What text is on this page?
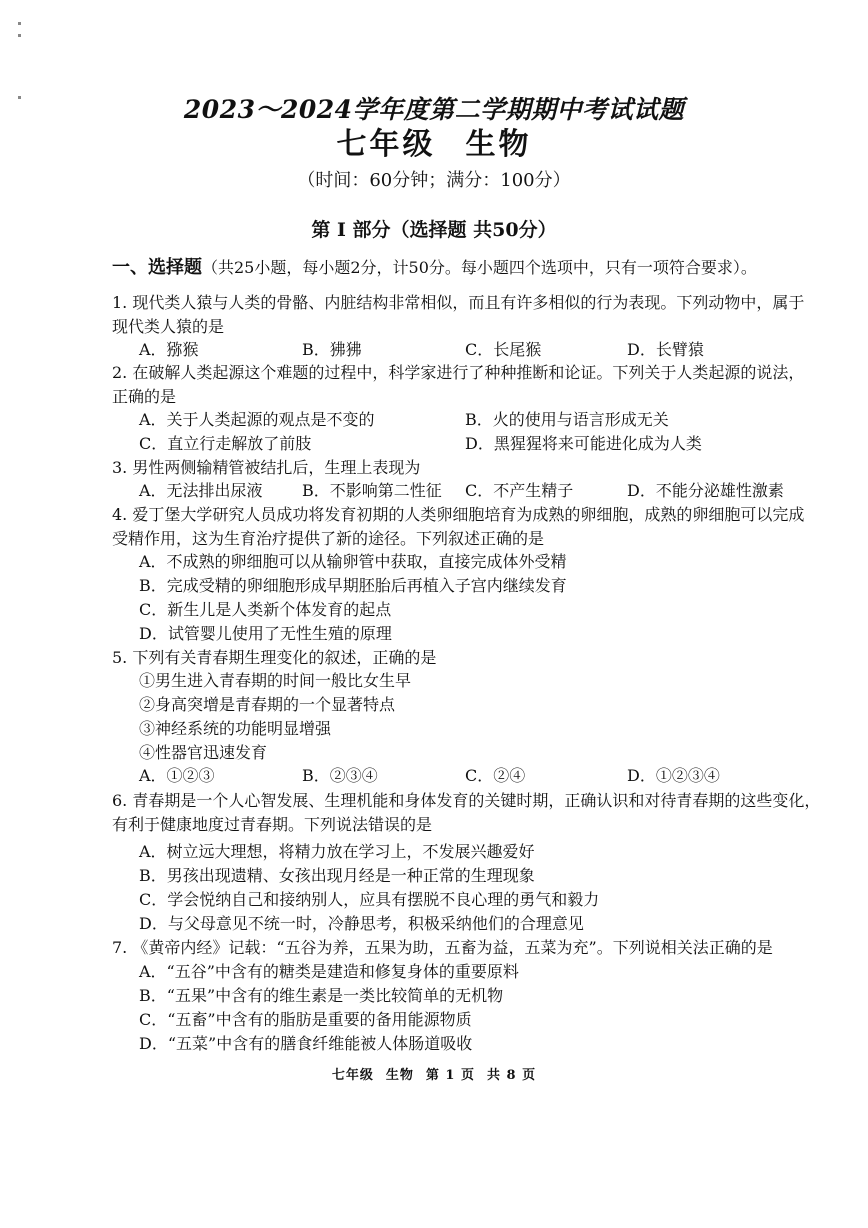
2023～2024学年度第二学期期中考试试题
七年级 生物
（时间：60分钟；满分：100分）
第 I 部分（选择题 共50分）
一、选择题（共25小题，每小题2分，计50分。每小题四个选项中，只有一项符合要求）。
1. 现代类人猿与人类的骨骼、内脏结构非常相似，而且有许多相似的行为表现。下列动物中，属于
现代类人猿的是
A．猕猴	B．狒狒	C．长尾猴	D．长臂猿
2. 在破解人类起源这个难题的过程中，科学家进行了种种推断和论证。下列关于人类起源的说法，
正确的是
A．关于人类起源的观点是不变的	B．火的使用与语言形成无关
C．直立行走解放了前肢	D．黑猩猩将来可能进化成为人类
3. 男性两侧输精管被结扎后，生理上表现为
A．无法排出尿液 B．不影响第二性征 C．不产生精子	D．不能分泌雄性激素
4. 爱丁堡大学研究人员成功将发育初期的人类卵细胞培育为成熟的卵细胞，成熟的卵细胞可以完成
受精作用，这为生育治疗提供了新的途径。下列叙述正确的是
A．不成熟的卵细胞可以从输卵管中获取，直接完成体外受精
B．完成受精的卵细胞形成早期胚胎后再植入子宫内继续发育
C．新生儿是人类新个体发育的起点
D．试管婴儿使用了无性生殖的原理
5. 下列有关青春期生理变化的叙述，正确的是
①男生进入青春期的时间一般比女生早
②身高突增是青春期的一个显著特点
③神经系统的功能明显增强
④性器官迅速发育
A．①②③	B．②③④	C．②④	D．①②③④
6. 青春期是一个人心智发展、生理机能和身体发育的关键时期，正确认识和对待青春期的这些变化，
有利于健康地度过青春期。下列说法错误的是
A．树立远大理想，将精力放在学习上，不发展兴趣爱好
B．男孩出现遗精、女孩出现月经是一种正常的生理现象
C．学会悦纳自己和接纳别人，应具有摆脱不良心理的勇气和毅力
D．与父母意见不统一时，冷静思考，积极采纳他们的合理意见
7. 《黄帝内经》记载：“五谷为养，五果为助，五畜为益，五菜为充”。下列说相关法正确的是
A．“五谷”中含有的糖类是建造和修复身体的重要原料
B．“五果”中含有的维生素是一类比较简单的无机物
C．“五畜”中含有的脂肪是重要的备用能源物质
D．“五菜”中含有的膳食纤维能被人体肠道吸收
七年级 生物 第 1 页 共 8 页
